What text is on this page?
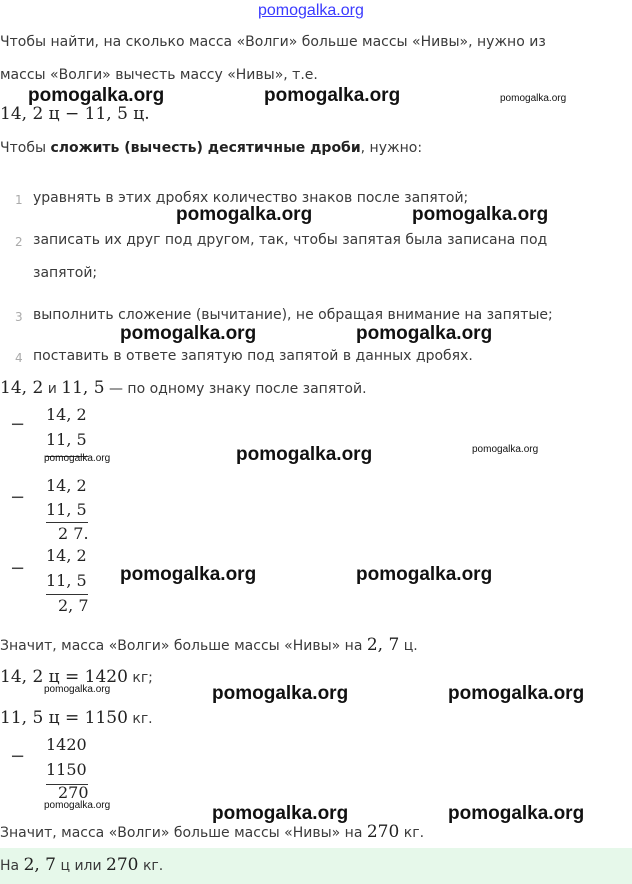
pomogalka.org
Чтобы найти, на сколько масса «Волги» больше массы «Нивы», нужно из
массы «Волги» вычесть массу «Нивы», т.е.
14, 2 ц − 11, 5 ц.
Чтобы сложить (вычесть) десятичные дроби, нужно:
1 уравнять в этих дробях количество знаков после запятой;
2 записать их друг под другом, так, чтобы запятая была записана под
запятой;
3 выполнить сложение (вычитание), не обращая внимание на запятые;
4 поставить в ответе запятую под запятой в данных дробях.
14, 2 и 11, 5 — по одному знаку после запятой.
− 14, 2
11, 5
−
14, 2
11, 5
2 7.
−
14, 2
11, 5
2, 7
Значит, масса «Волги» больше массы «Нивы» на 2, 7 ц.
14, 2 ц = 1420 кг;
11, 5 ц = 1150 кг.
−
1420
1150
270
Значит, масса «Волги» больше массы «Нивы» на 270 кг.
На 2, 7 ц или 270 кг.
pomogalka.org	pomogalka.org	pomogalka.org
pomogalka.org	pomogalka.org
pomogalka.org	pomogalka.org
pomogalka.org	pomogalka.org	pomogalka.org
pomogalka.org	pomogalka.org
pomogalka.org	pomogalka.org	pomogalka.org
pomogalka.org	pomogalka.org	pomogalka.org
